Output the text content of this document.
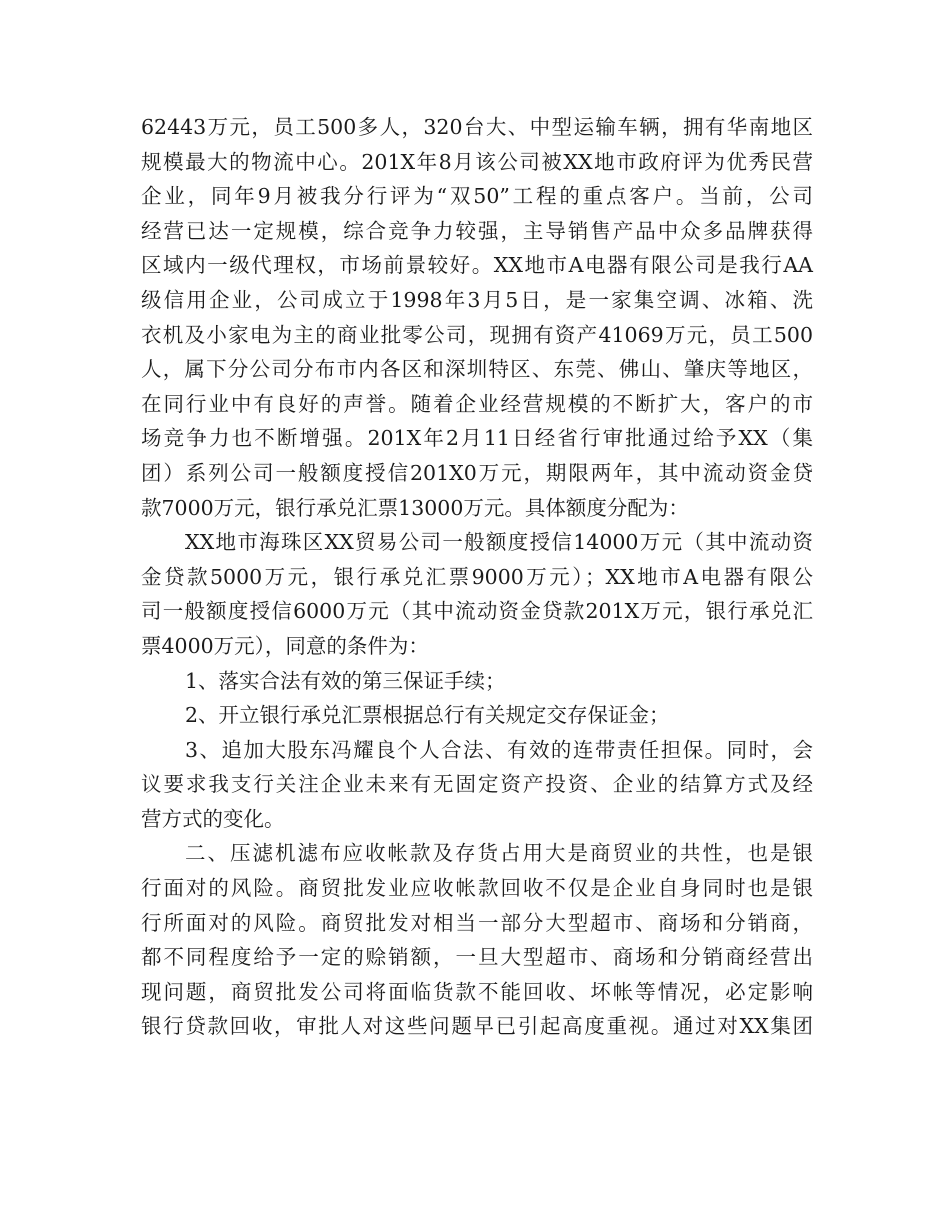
62443万元，员工500多人，320台大、中型运输车辆，拥有华南地区
规模最大的物流中心。201X年8月该公司被XX地市政府评为优秀民营
企业，同年9月被我分行评为“双50”工程的重点客户。当前，公司
经营已达一定规模，综合竞争力较强，主导销售产品中众多品牌获得
区域内一级代理权，市场前景较好。XX地市A电器有限公司是我行AA
级信用企业，公司成立于1998年3月5日，是一家集空调、冰箱、洗
衣机及小家电为主的商业批零公司，现拥有资产41069万元，员工500
人，属下分公司分布市内各区和深圳特区、东莞、佛山、肇庆等地区，
在同行业中有良好的声誉。随着企业经营规模的不断扩大，客户的市
场竞争力也不断增强。201X年2月11日经省行审批通过给予XX（集
团）系列公司一般额度授信201X0万元，期限两年，其中流动资金贷
款7000万元，银行承兑汇票13000万元。具体额度分配为：
XX地市海珠区XX贸易公司一般额度授信14000万元（其中流动资
金贷款5000万元，银行承兑汇票9000万元）；XX地市A电器有限公
司一般额度授信6000万元（其中流动资金贷款201X万元，银行承兑汇
票4000万元），同意的条件为：
1、落实合法有效的第三保证手续；
2、开立银行承兑汇票根据总行有关规定交存保证金；
3、追加大股东冯耀良个人合法、有效的连带责任担保。同时，会
议要求我支行关注企业未来有无固定资产投资、企业的结算方式及经
营方式的变化。
二、压滤机滤布应收帐款及存货占用大是商贸业的共性，也是银
行面对的风险。商贸批发业应收帐款回收不仅是企业自身同时也是银
行所面对的风险。商贸批发对相当一部分大型超市、商场和分销商，
都不同程度给予一定的赊销额，一旦大型超市、商场和分销商经营出
现问题，商贸批发公司将面临货款不能回收、坏帐等情况，必定影响
银行贷款回收，审批人对这些问题早已引起高度重视。通过对XX集团
